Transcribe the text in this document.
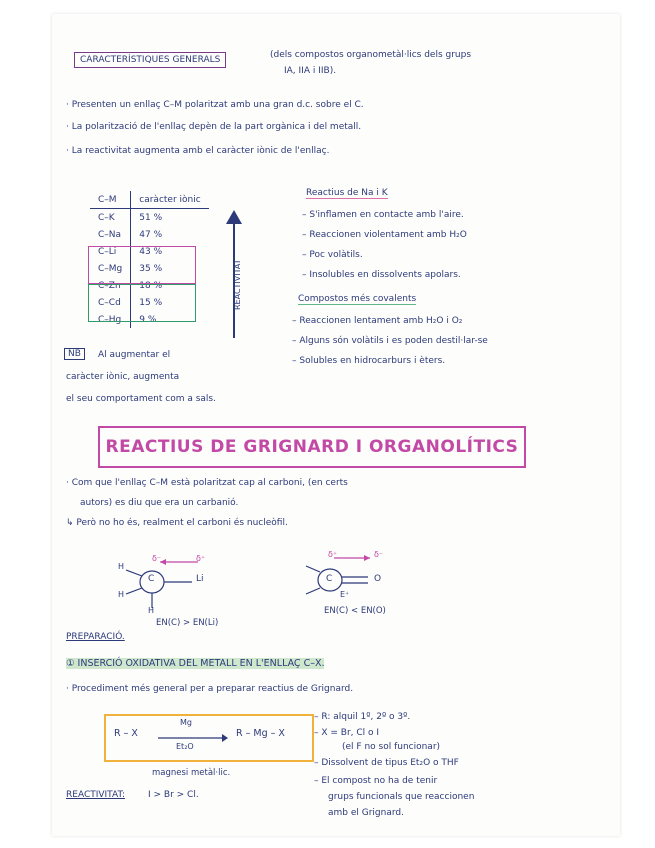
CARACTERÍSTIQUES GENERALS	(dels compostos organometàl·lics dels grups
IA, IIA i IIB).
· Presenten un enllaç C–M polaritzat amb una gran d.c. sobre el C.
· La polarització de l'enllaç depèn de la part orgànica i del metall.
· La reactivitat augmenta amb el caràcter iònic de l'enllaç.
C–M	caràcter iònic
C–K	51 %
C–Na	47 %
C–Li	43 %
C–Mg	35 %
C–Zn	18 %
C–Cd	15 %
C–Hg	9 %
REACTIVITAT
Reactius de Na i K
– S'inflamen en contacte amb l'aire.
– Reaccionen violentament amb H₂O
– Poc volàtils.
– Insolubles en dissolvents apolars.
Compostos més covalents
– Reaccionen lentament amb H₂O i O₂
– Alguns són volàtils i es poden destil·lar-se
– Solubles en hidrocarburs i èters.
NB	Al augmentar el
caràcter iònic, augmenta
el seu comportament com a sals.
REACTIUS DE GRIGNARD I ORGANOLÍTICS
· Com que l'enllaç C–M està polaritzat cap al carboni, (en certs
autors) es diu que era un carbanió.
↳ Però no ho és, realment el carboni és nucleòfil.
C	Li
δ⁻	δ⁺
H
H
H
EN(C) > EN(Li)
C	O
δ⁺	δ⁻
E⁺
EN(C) < EN(O)
PREPARACIÓ.
① INSERCIÓ OXIDATIVA DEL METALL EN L'ENLLAÇ C–X.
· Procediment més general per a preparar reactius de Grignard.
R – X
Mg
Et₂O
R – Mg – X
magnesi metàl·lic.
– R: alquil 1º, 2º o 3º.
– X = Br, Cl o I
(el F no sol funcionar)
– Dissolvent de tipus Et₂O o THF
– El compost no ha de tenir
grups funcionals que reaccionen
amb el Grignard.
REACTIVITAT:	I > Br > Cl.
